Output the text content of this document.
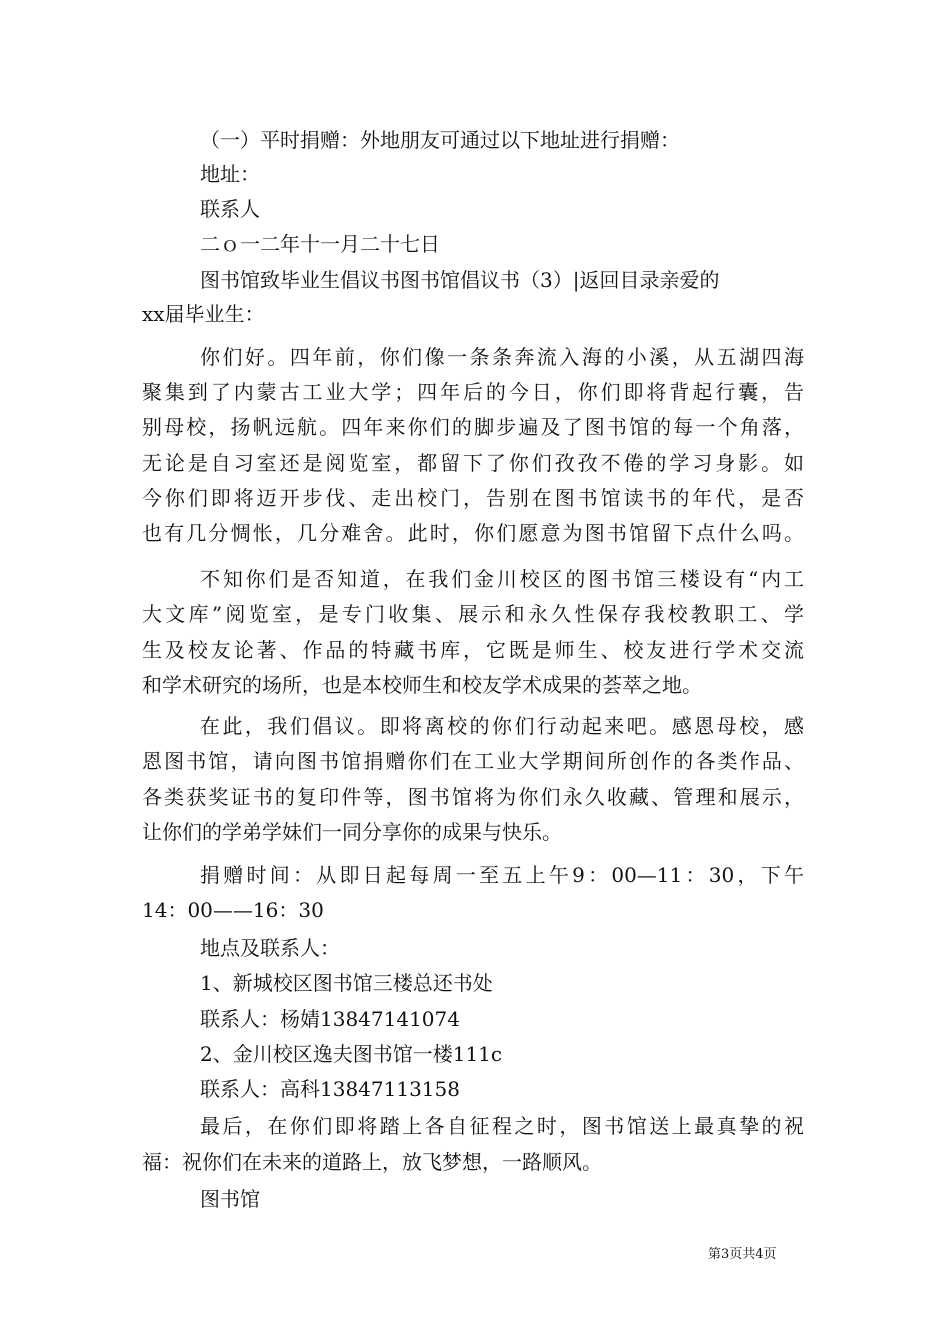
（一）平时捐赠：外地朋友可通过以下地址进行捐赠：
地址：
联系人
二ｏ一二年十一月二十七日
图书馆致毕业生倡议书图书馆倡议书（3）|返回目录亲爱的
xx届毕业生：
你们好。四年前，你们像一条条奔流入海的小溪，从五湖四海
聚集到了内蒙古工业大学；四年后的今日，你们即将背起行囊，告
别母校，扬帆远航。四年来你们的脚步遍及了图书馆的每一个角落，
无论是自习室还是阅览室，都留下了你们孜孜不倦的学习身影。如
今你们即将迈开步伐、走出校门，告别在图书馆读书的年代，是否
也有几分惆怅，几分难舍。此时，你们愿意为图书馆留下点什么吗。
不知你们是否知道，在我们金川校区的图书馆三楼设有“内工
大文库”阅览室，是专门收集、展示和永久性保存我校教职工、学
生及校友论著、作品的特藏书库，它既是师生、校友进行学术交流
和学术研究的场所，也是本校师生和校友学术成果的荟萃之地。
在此，我们倡议。即将离校的你们行动起来吧。感恩母校，感
恩图书馆，请向图书馆捐赠你们在工业大学期间所创作的各类作品、
各类获奖证书的复印件等，图书馆将为你们永久收藏、管理和展示，
让你们的学弟学妹们一同分享你的成果与快乐。
捐赠时间：从即日起每周一至五上午9：00—11：30，下午
14：00——16：30
地点及联系人：
1、新城校区图书馆三楼总还书处
联系人：杨婧13847141074
2、金川校区逸夫图书馆一楼111c
联系人：高科13847113158
最后，在你们即将踏上各自征程之时，图书馆送上最真挚的祝
福：祝你们在未来的道路上，放飞梦想，一路顺风。
图书馆
第3页共4页
